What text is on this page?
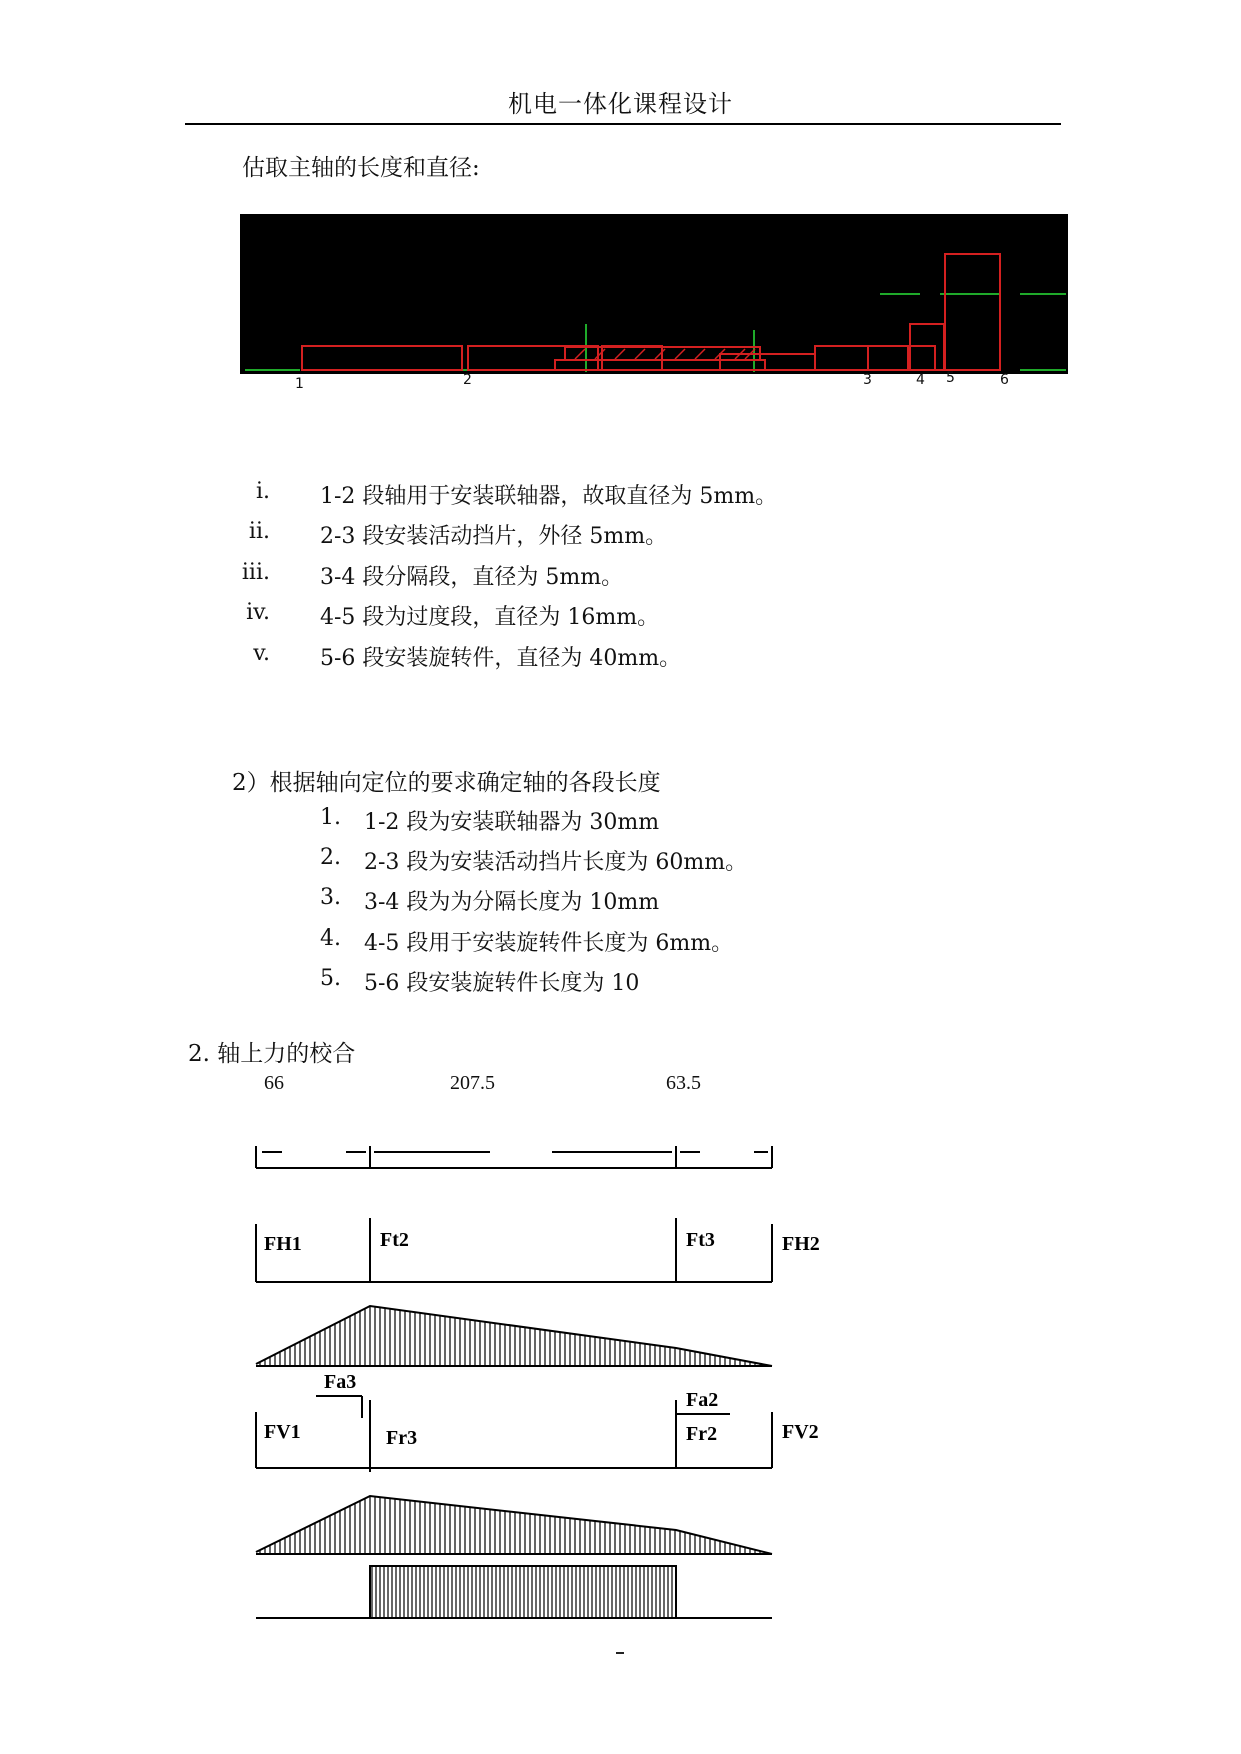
机电一体化课程设计
估取主轴的长度和直径:
1	2	3	4 5	6
i. 1-2 段轴用于安装联轴器，故取直径为 5mm。
ii. 2-3 段安装活动挡片，外径 5mm。
iii. 3-4 段分隔段，直径为 5mm。
iv. 4-5 段为过度段，直径为 16mm。
v. 5-6 段安装旋转件，直径为 40mm。
2）根据轴向定位的要求确定轴的各段长度
1. 1-2 段为安装联轴器为 30mm
2. 2-3 段为安装活动挡片长度为 60mm。
3. 3-4 段为为分隔长度为 10mm
4. 4-5 段用于安装旋转件长度为 6mm。
5. 5-6 段安装旋转件长度为 10
2. 轴上力的校合
66	207.5	63.5
FH1	Ft2	Ft3	FH2
Fa3
FV1	Fr3
Fa2
Fr2	FV2
